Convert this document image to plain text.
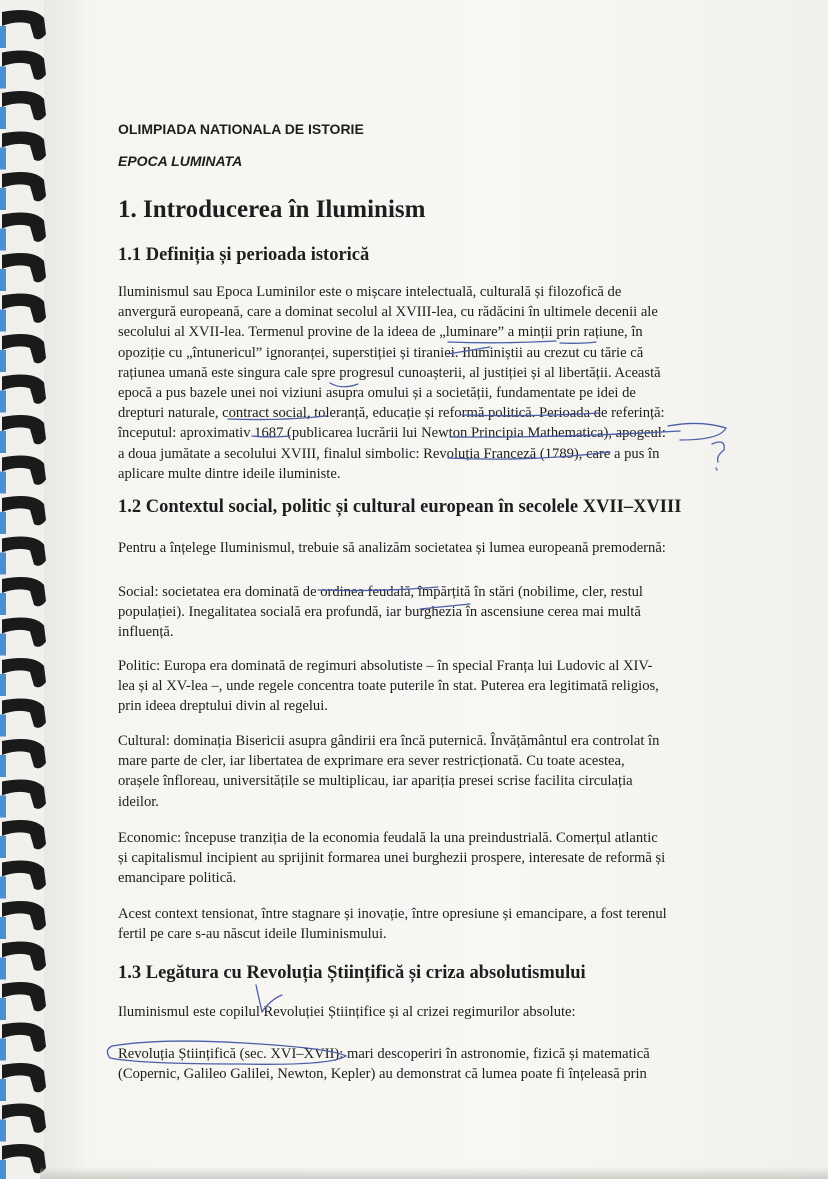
OLIMPIADA NATIONALA DE ISTORIE
EPOCA LUMINATA
1. Introducerea în Iluminism
1.1 Definiția și perioada istorică
Iluminismul sau Epoca Luminilor este o mișcare intelectuală, culturală și filozofică de
anvergură europeană, care a dominat secolul al XVIII-lea, cu rădăcini în ultimele decenii ale
secolului al XVII-lea. Termenul provine de la ideea de „luminare” a minții prin rațiune, în
opoziție cu „întunericul” ignoranței, superstiției și tiraniei. Iluminiștii au crezut cu tărie că
rațiunea umană este singura cale spre progresul cunoașterii, al justiției și al libertății. Această
epocă a pus bazele unei noi viziuni asupra omului și a societății, fundamentate pe idei de
drepturi naturale, contract social, toleranță, educație și reformă politică. Perioada de referință:
începutul: aproximativ 1687 (publicarea lucrării lui Newton Principia Mathematica), apogeul:
a doua jumătate a secolului XVIII, finalul simbolic: Revoluția Franceză (1789), care a pus în
aplicare multe dintre ideile iluministe.
1.2 Contextul social, politic și cultural european în secolele XVII–XVIII
Pentru a înțelege Iluminismul, trebuie să analizăm societatea și lumea europeană premodernă:
Social: societatea era dominată de ordinea feudală, împărțită în stări (nobilime, cler, restul
populației). Inegalitatea socială era profundă, iar burghezia în ascensiune cerea mai multă
influență.
Politic: Europa era dominată de regimuri absolutiste – în special Franța lui Ludovic al XIV-
lea și al XV-lea –, unde regele concentra toate puterile în stat. Puterea era legitimată religios,
prin ideea dreptului divin al regelui.
Cultural: dominația Bisericii asupra gândirii era încă puternică. Învățământul era controlat în
mare parte de cler, iar libertatea de exprimare era sever restricționată. Cu toate acestea,
orașele înfloreau, universitățile se multiplicau, iar apariția presei scrise facilita circulația
ideilor.
Economic: începuse tranziția de la economia feudală la una preindustrială. Comerțul atlantic
și capitalismul incipient au sprijinit formarea unei burghezii prospere, interesate de reformă și
emancipare politică.
Acest context tensionat, între stagnare și inovație, între opresiune și emancipare, a fost terenul
fertil pe care s-au născut ideile Iluminismului.
1.3 Legătura cu Revoluția Științifică și criza absolutismului
Iluminismul este copilul Revoluției Științifice și al crizei regimurilor absolute:
Revoluția Științifică (sec. XVI–XVII): mari descoperiri în astronomie, fizică și matematică
(Copernic, Galileo Galilei, Newton, Kepler) au demonstrat că lumea poate fi înțeleasă prin
